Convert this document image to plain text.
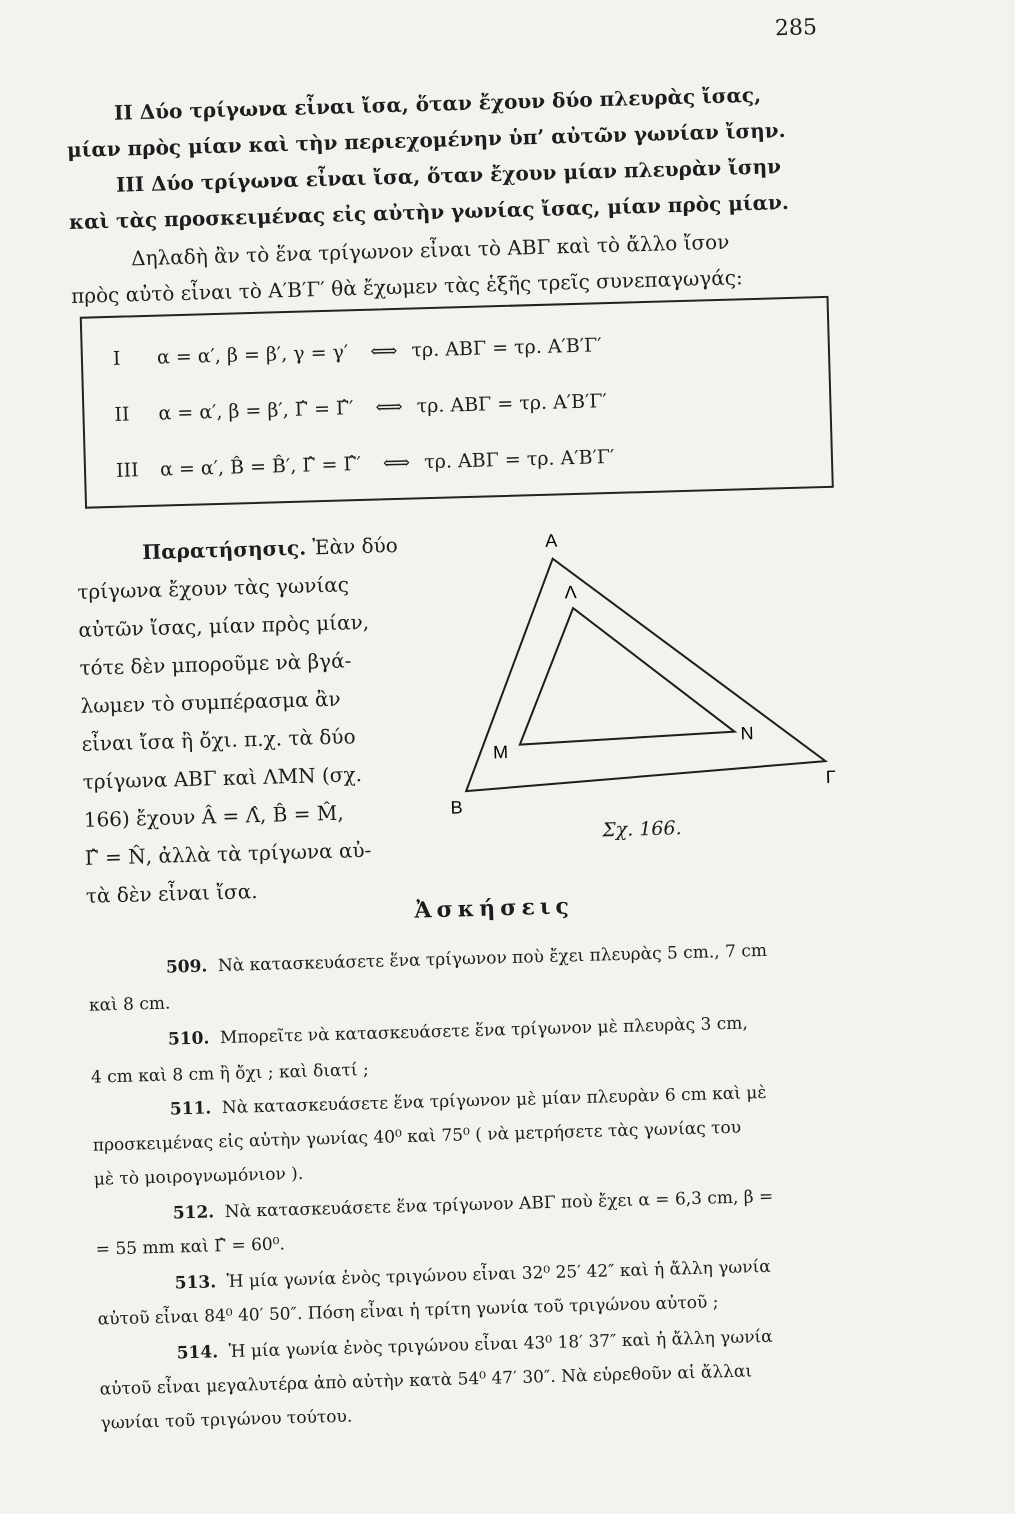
285
ΙΙ Δύο τρίγωνα εἶναι ἴσα, ὅταν ἔχουν δύο πλευρὰς ἴσας,
μίαν πρὸς μίαν καὶ τὴν περιεχομένην ὑπ’ αὐτῶν γωνίαν ἴσην.
ΙΙΙ Δύο τρίγωνα εἶναι ἴσα, ὅταν ἔχουν μίαν πλευρὰν ἴσην
καὶ τὰς προσκειμένας εἰς αὐτὴν γωνίας ἴσας, μίαν πρὸς μίαν.
Δηλαδὴ ἂν τὸ ἕνα τρίγωνον εἶναι τὸ ΑΒΓ καὶ τὸ ἄλλο ἴσον
πρὸς αὐτὸ εἶναι τὸ Α′Β′Γ′ θὰ ἔχωμεν τὰς ἑξῆς τρεῖς συνεπαγωγάς:
Ι α = α′, β = β′, γ = γ′ ⟺ τρ. ΑΒΓ = τρ. Α′Β′Γ′
ΙΙ α = α′, β = β′, Γ̂ = Γ̂′ ⟺ τρ. ΑΒΓ = τρ. Α′Β′Γ′
ΙΙΙ α = α′, B̂ = B̂′, Γ̂ = Γ̂′ ⟺ τρ. ΑΒΓ = τρ. Α′Β′Γ′
Παρατήσησις. Ἐὰν δύο
τρίγωνα ἔχουν τὰς γωνίας
αὐτῶν ἴσας, μίαν πρὸς μίαν,
τότε δὲν μποροῦμε νὰ βγά-
λωμεν τὸ συμπέρασμα ἂν
εἶναι ἴσα ἢ ὄχι. π.χ. τὰ δύο
τρίγωνα ΑΒΓ καὶ ΛΜΝ (σχ.
166) ἔχουν Â = Λ̂, B̂ = M̂,
Γ̂ = N̂, ἀλλὰ τὰ τρίγωνα αὐ-
τὰ δὲν εἶναι ἴσα.
Α
Β
Γ
Λ
Μ
Ν
Σχ. 166.
Ἀσκήσεις
509. Νὰ κατασκευάσετε ἕνα τρίγωνον ποὺ ἔχει πλευρὰς 5 cm., 7 cm
καὶ 8 cm.
510. Μπορεῖτε νὰ κατασκευάσετε ἕνα τρίγωνον μὲ πλευρὰς 3 cm,
4 cm καὶ 8 cm ἢ ὄχι ; καὶ διατί ;
511. Νὰ κατασκευάσετε ἕνα τρίγωνον μὲ μίαν πλευρὰν 6 cm καὶ μὲ
προσκειμένας εἰς αὐτὴν γωνίας 40⁰ καὶ 75⁰ ( νὰ μετρήσετε τὰς γωνίας του
μὲ τὸ μοιρογνωμόνιον ).
512. Νὰ κατασκευάσετε ἕνα τρίγωνον ΑΒΓ ποὺ ἔχει α = 6,3 cm, β =
= 55 mm καὶ Γ̂ = 60⁰.
513. Ἡ μία γωνία ἑνὸς τριγώνου εἶναι 32⁰ 25′ 42″ καὶ ἡ ἄλλη γωνία
αὐτοῦ εἶναι 84⁰ 40′ 50″. Πόση εἶναι ἡ τρίτη γωνία τοῦ τριγώνου αὐτοῦ ;
514. Ἡ μία γωνία ἑνὸς τριγώνου εἶναι 43⁰ 18′ 37″ καὶ ἡ ἄλλη γωνία
αὐτοῦ εἶναι μεγαλυτέρα ἀπὸ αὐτὴν κατὰ 54⁰ 47′ 30″. Νὰ εὑρεθοῦν αἱ ἄλλαι
γωνίαι τοῦ τριγώνου τούτου.
